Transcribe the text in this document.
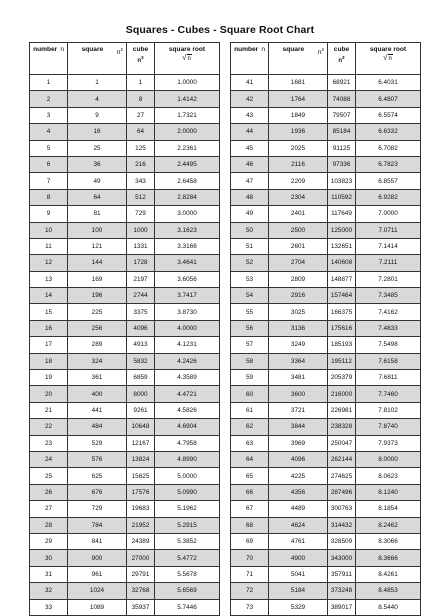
Squares - Cubes - Square Root Chart
number n	square $n^2$	cube
$n^3$	square root
√n

1	1	1	1.0000
2	4	8	1.4142
3	9	27	1.7321
4	16	64	2.0000
5	25	125	2.2361
6	36	216	2.4495
7	49	343	2.6458
8	64	512	2.8284
9	81	729	3.0000
10	100	1000	3.1623
11	121	1331	3.3166
12	144	1728	3.4641
13	169	2197	3.6056
14	196	2744	3.7417
15	225	3375	3.8730
16	256	4096	4.0000
17	289	4913	4.1231
18	324	5832	4.2426
19	361	6859	4.3589
20	400	8000	4.4721
21	441	9261	4.5826
22	484	10648	4.6904
23	529	12167	4.7958
24	576	13824	4.8990
25	625	15625	5.0000
26	676	17576	5.0990
27	729	19683	5.1962
28	784	21952	5.2915
29	841	24389	5.3852
30	900	27000	5.4772
31	961	29791	5.5678
32	1024	32768	5.6569
33	1089	35937	5.7446
number n	square $n^2$	cube
$n^3$	square root
√n

41	1681	68921	6.4031
42	1764	74088	6.4807
43	1849	79507	6.5574
44	1936	85184	6.6332
45	2025	91125	6.7082
46	2116	97336	6.7823
47	2209	103823	6.8557
48	2304	110592	6.9282
49	2401	117649	7.0000
50	2500	125000	7.0711
51	2601	132651	7.1414
52	2704	140608	7.2111
53	2809	148877	7.2801
54	2916	157464	7.3485
55	3025	166375	7.4162
56	3136	175616	7.4833
57	3249	185193	7.5498
58	3364	195112	7.6158
59	3481	205379	7.6811
60	3600	216000	7.7460
61	3721	226981	7.8102
62	3844	238328	7.8740
63	3969	250047	7.9373
64	4096	262144	8.0000
65	4225	274625	8.0623
66	4356	287496	8.1240
67	4489	300763	8.1854
68	4624	314432	8.2462
69	4761	328509	8.3066
70	4900	343000	8.3666
71	5041	357911	8.4261
72	5184	373248	8.4853
73	5329	389017	8.5440
